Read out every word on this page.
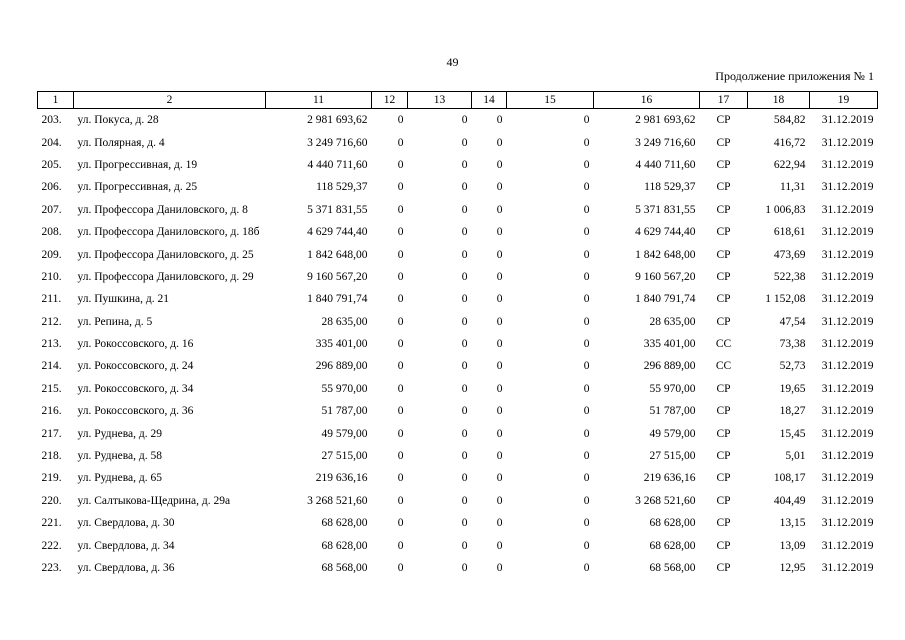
49
Продолжение приложения № 1
1	2	11	12	13	14	15	16	17	18	19
203.	ул. Покуса, д. 28	2 981 693,62	0	0	0	0	2 981 693,62	СР	584,82	31.12.2019
204.	ул. Полярная, д. 4	3 249 716,60	0	0	0	0	3 249 716,60	СР	416,72	31.12.2019
205.	ул. Прогрессивная, д. 19	4 440 711,60	0	0	0	0	4 440 711,60	СР	622,94	31.12.2019
206.	ул. Прогрессивная, д. 25	118 529,37	0	0	0	0	118 529,37	СР	11,31	31.12.2019
207.	ул. Профессора Даниловского, д. 8	5 371 831,55	0	0	0	0	5 371 831,55	СР	1 006,83	31.12.2019
208.	ул. Профессора Даниловского, д. 18б	4 629 744,40	0	0	0	0	4 629 744,40	СР	618,61	31.12.2019
209.	ул. Профессора Даниловского, д. 25	1 842 648,00	0	0	0	0	1 842 648,00	СР	473,69	31.12.2019
210.	ул. Профессора Даниловского, д. 29	9 160 567,20	0	0	0	0	9 160 567,20	СР	522,38	31.12.2019
211.	ул. Пушкина, д. 21	1 840 791,74	0	0	0	0	1 840 791,74	СР	1 152,08	31.12.2019
212.	ул. Репина, д. 5	28 635,00	0	0	0	0	28 635,00	СР	47,54	31.12.2019
213.	ул. Рокоссовского, д. 16	335 401,00	0	0	0	0	335 401,00	СС	73,38	31.12.2019
214.	ул. Рокоссовского, д. 24	296 889,00	0	0	0	0	296 889,00	СС	52,73	31.12.2019
215.	ул. Рокоссовского, д. 34	55 970,00	0	0	0	0	55 970,00	СР	19,65	31.12.2019
216.	ул. Рокоссовского, д. 36	51 787,00	0	0	0	0	51 787,00	СР	18,27	31.12.2019
217.	ул. Руднева, д. 29	49 579,00	0	0	0	0	49 579,00	СР	15,45	31.12.2019
218.	ул. Руднева, д. 58	27 515,00	0	0	0	0	27 515,00	СР	5,01	31.12.2019
219.	ул. Руднева, д. 65	219 636,16	0	0	0	0	219 636,16	СР	108,17	31.12.2019
220.	ул. Салтыкова-Щедрина, д. 29а	3 268 521,60	0	0	0	0	3 268 521,60	СР	404,49	31.12.2019
221.	ул. Свердлова, д. 30	68 628,00	0	0	0	0	68 628,00	СР	13,15	31.12.2019
222.	ул. Свердлова, д. 34	68 628,00	0	0	0	0	68 628,00	СР	13,09	31.12.2019
223.	ул. Свердлова, д. 36	68 568,00	0	0	0	0	68 568,00	СР	12,95	31.12.2019
